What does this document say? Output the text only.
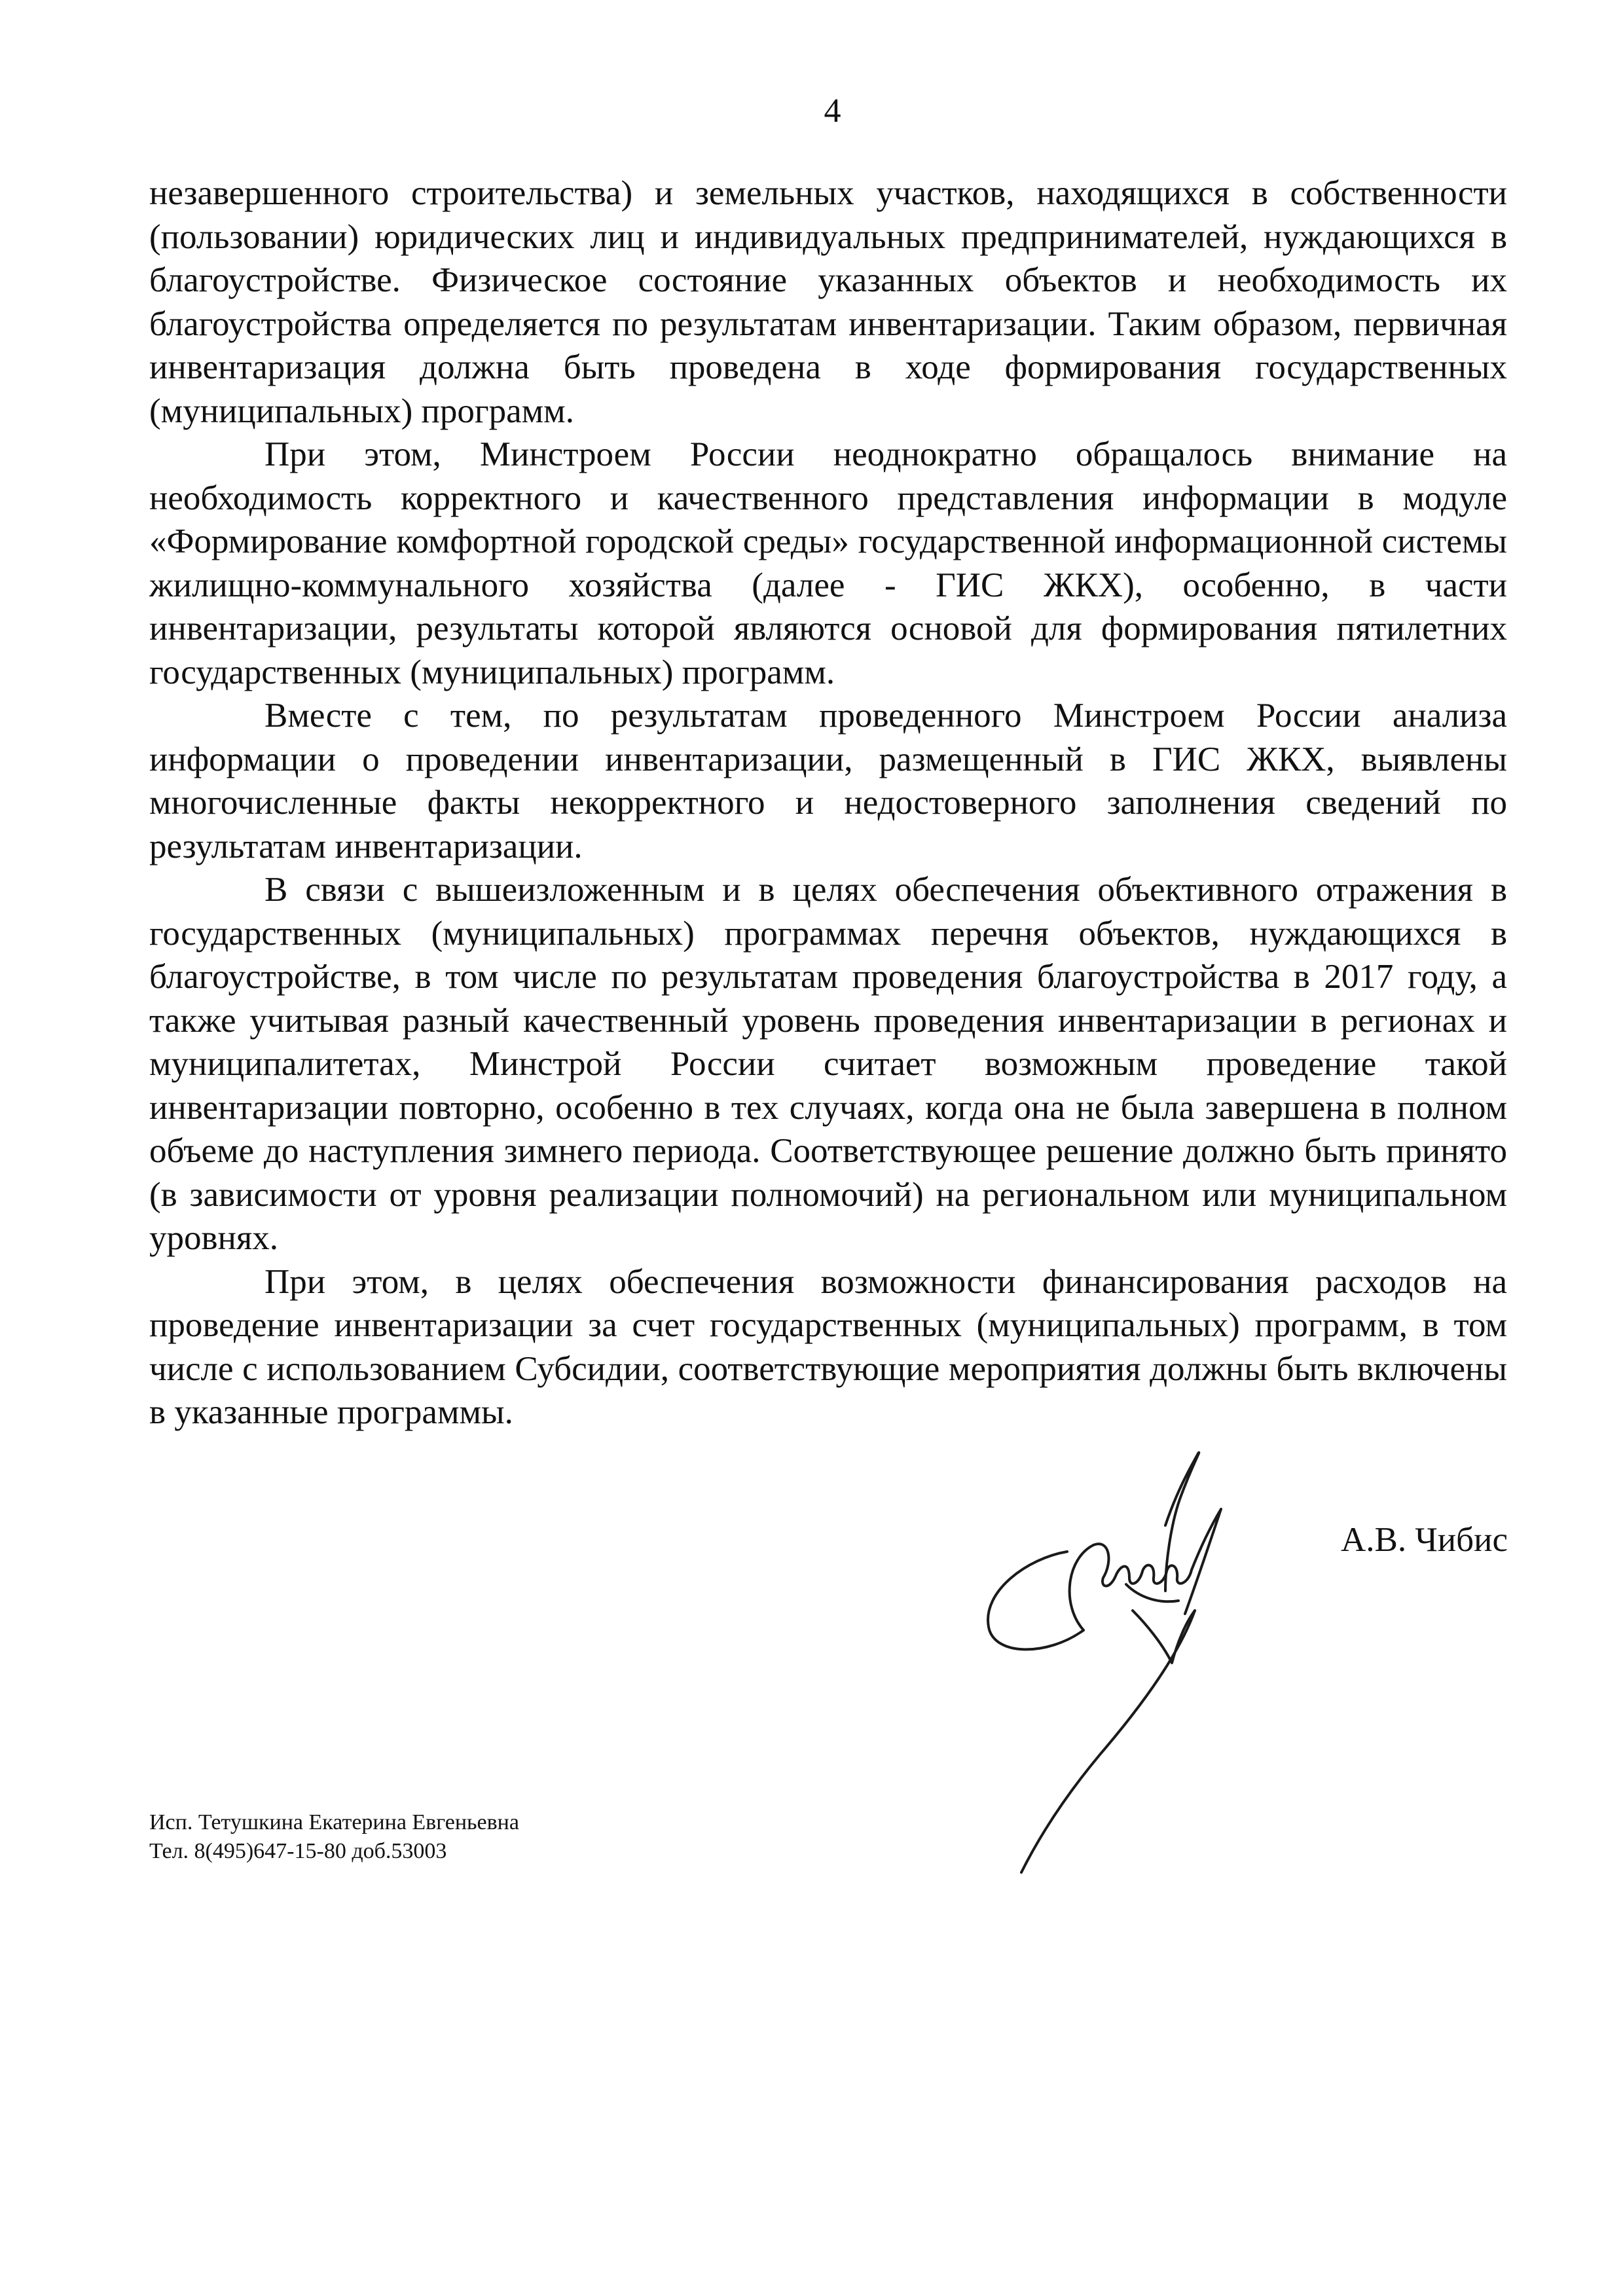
4

незавершенного строительства) и земельных участков, находящихся в собственности (пользовании) юридических лиц и индивидуальных предпринимателей, нуждающихся в благоустройстве. Физическое состояние указанных объектов и необходимость их благоустройства определяется по результатам инвентаризации. Таким образом, первичная инвентаризация должна быть проведена в ходе формирования государственных (муниципальных) программ.

При этом, Минстроем России неоднократно обращалось внимание на необходимость корректного и качественного представления информации в модуле «Формирование комфортной городской среды» государственной информационной системы жилищно-коммунального хозяйства (далее - ГИС ЖКХ), особенно, в части инвентаризации, результаты которой являются основой для формирования пятилетних государственных (муниципальных) программ.

Вместе с тем, по результатам проведенного Минстроем России анализа информации о проведении инвентаризации, размещенный в ГИС ЖКХ, выявлены многочисленные факты некорректного и недостоверного заполнения сведений по результатам инвентаризации.

В связи с вышеизложенным и в целях обеспечения объективного отражения в государственных (муниципальных) программах перечня объектов, нуждающихся в благоустройстве, в том числе по результатам проведения благоустройства в 2017 году, а также учитывая разный качественный уровень проведения инвентаризации в регионах и муниципалитетах, Минстрой России считает возможным проведение такой инвентаризации повторно, особенно в тех случаях, когда она не была завершена в полном объеме до наступления зимнего периода. Соответствующее решение должно быть принято (в зависимости от уровня реализации полномочий) на региональном или муниципальном уровнях.

При этом, в целях обеспечения возможности финансирования расходов на проведение инвентаризации за счет государственных (муниципальных) программ, в том числе с использованием Субсидии, соответствующие мероприятия должны быть включены в указанные программы.

А.В. Чибис
Исп. Тетушкина Екатерина Евгеньевна
Тел. 8(495)647-15-80 доб.53003
